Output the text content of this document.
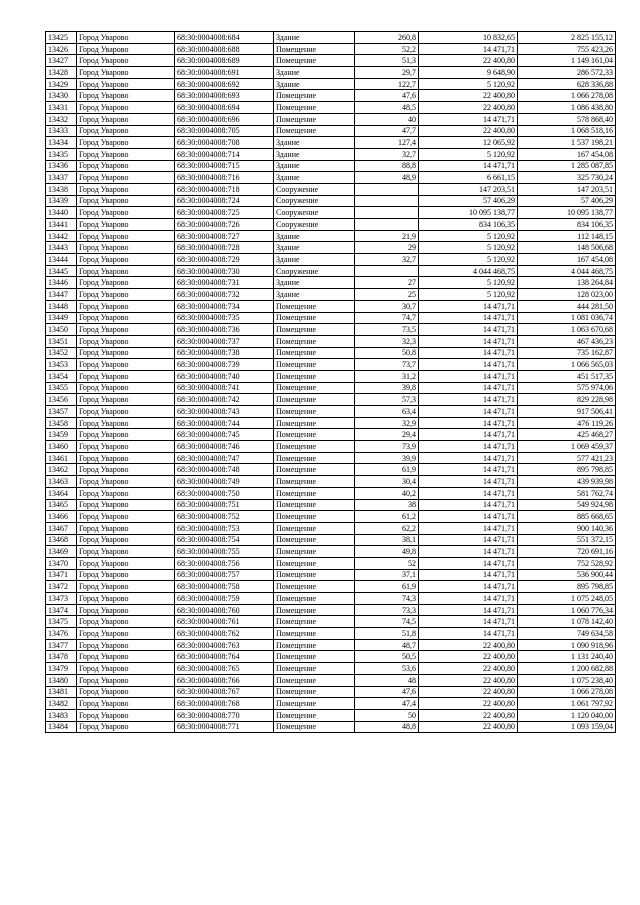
13425	Город Уварово	68:30:0004008:684	Здание	260,8	10 832,65	2 825 155,12
13426	Город Уварово	68:30:0004008:688	Помещение	52,2	14 471,71	755 423,26
13427	Город Уварово	68:30:0004008:689	Помещение	51,3	22 400,80	1 149 161,04
13428	Город Уварово	68:30:0004008:691	Здание	29,7	9 648,90	286 572,33
13429	Город Уварово	68:30:0004008:692	Здание	122,7	5 120,92	628 336,88
13430	Город Уварово	68:30:0004008:693	Помещение	47,6	22 400,80	1 066 278,08
13431	Город Уварово	68:30:0004008:694	Помещение	48,5	22 400,80	1 086 438,80
13432	Город Уварово	68:30:0004008:696	Помещение	40	14 471,71	578 868,40
13433	Город Уварово	68:30:0004008:705	Помещение	47,7	22 400,80	1 068 518,16
13434	Город Уварово	68:30:0004008:708	Здание	127,4	12 065,92	1 537 198,21
13435	Город Уварово	68:30:0004008:714	Здание	32,7	5 120,92	167 454,08
13436	Город Уварово	68:30:0004008:715	Здание	88,8	14 471,71	1 285 087,85
13437	Город Уварово	68:30:0004008:716	Здание	48,9	6 661,15	325 730,24
13438	Город Уварово	68:30:0004008:718	Сооружение		147 203,51	147 203,51
13439	Город Уварово	68:30:0004008:724	Сооружение		57 406,29	57 406,29
13440	Город Уварово	68:30:0004008:725	Сооружение		10 095 138,77	10 095 138,77
13441	Город Уварово	68:30:0004008:726	Сооружение		834 106,35	834 106,35
13442	Город Уварово	68:30:0004008:727	Здание	21,9	5 120,92	112 148,15
13443	Город Уварово	68:30:0004008:728	Здание	29	5 120,92	148 506,68
13444	Город Уварово	68:30:0004008:729	Здание	32,7	5 120,92	167 454,08
13445	Город Уварово	68:30:0004008:730	Сооружение		4 044 468,75	4 044 468,75
13446	Город Уварово	68:30:0004008:731	Здание	27	5 120,92	138 264,84
13447	Город Уварово	68:30:0004008:732	Здание	25	5 120,92	128 023,00
13448	Город Уварово	68:30:0004008:734	Помещение	30,7	14 471,71	444 281,50
13449	Город Уварово	68:30:0004008:735	Помещение	74,7	14 471,71	1 081 036,74
13450	Город Уварово	68:30:0004008:736	Помещение	73,5	14 471,71	1 063 670,68
13451	Город Уварово	68:30:0004008:737	Помещение	32,3	14 471,71	467 436,23
13452	Город Уварово	68:30:0004008:738	Помещение	50,8	14 471,71	735 162,87
13453	Город Уварово	68:30:0004008:739	Помещение	73,7	14 471,71	1 066 565,03
13454	Город Уварово	68:30:0004008:740	Помещение	31,2	14 471,71	451 517,35
13455	Город Уварово	68:30:0004008:741	Помещение	39,8	14 471,71	575 974,06
13456	Город Уварово	68:30:0004008:742	Помещение	57,3	14 471,71	829 228,98
13457	Город Уварово	68:30:0004008:743	Помещение	63,4	14 471,71	917 506,41
13458	Город Уварово	68:30:0004008:744	Помещение	32,9	14 471,71	476 119,26
13459	Город Уварово	68:30:0004008:745	Помещение	29,4	14 471,71	425 468,27
13460	Город Уварово	68:30:0004008:746	Помещение	73,9	14 471,71	1 069 459,37
13461	Город Уварово	68:30:0004008:747	Помещение	39,9	14 471,71	577 421,23
13462	Город Уварово	68:30:0004008:748	Помещение	61,9	14 471,71	895 798,85
13463	Город Уварово	68:30:0004008:749	Помещение	30,4	14 471,71	439 939,98
13464	Город Уварово	68:30:0004008:750	Помещение	40,2	14 471,71	581 762,74
13465	Город Уварово	68:30:0004008:751	Помещение	38	14 471,71	549 924,98
13466	Город Уварово	68:30:0004008:752	Помещение	61,2	14 471,71	885 668,65
13467	Город Уварово	68:30:0004008:753	Помещение	62,2	14 471,71	900 140,36
13468	Город Уварово	68:30:0004008:754	Помещение	38,1	14 471,71	551 372,15
13469	Город Уварово	68:30:0004008:755	Помещение	49,8	14 471,71	720 691,16
13470	Город Уварово	68:30:0004008:756	Помещение	52	14 471,71	752 528,92
13471	Город Уварово	68:30:0004008:757	Помещение	37,1	14 471,71	536 900,44
13472	Город Уварово	68:30:0004008:758	Помещение	61,9	14 471,71	895 798,85
13473	Город Уварово	68:30:0004008:759	Помещение	74,3	14 471,71	1 075 248,05
13474	Город Уварово	68:30:0004008:760	Помещение	73,3	14 471,71	1 060 776,34
13475	Город Уварово	68:30:0004008:761	Помещение	74,5	14 471,71	1 078 142,40
13476	Город Уварово	68:30:0004008:762	Помещение	51,8	14 471,71	749 634,58
13477	Город Уварово	68:30:0004008:763	Помещение	48,7	22 400,80	1 090 918,96
13478	Город Уварово	68:30:0004008:764	Помещение	50,5	22 400,80	1 131 240,40
13479	Город Уварово	68:30:0004008:765	Помещение	53,6	22 400,80	1 200 682,88
13480	Город Уварово	68:30:0004008:766	Помещение	48	22 400,80	1 075 238,40
13481	Город Уварово	68:30:0004008:767	Помещение	47,6	22 400,80	1 066 278,08
13482	Город Уварово	68:30:0004008:768	Помещение	47,4	22 400,80	1 061 797,92
13483	Город Уварово	68:30:0004008:770	Помещение	50	22 400,80	1 120 040,00
13484	Город Уварово	68:30:0004008:771	Помещение	48,8	22 400,80	1 093 159,04
